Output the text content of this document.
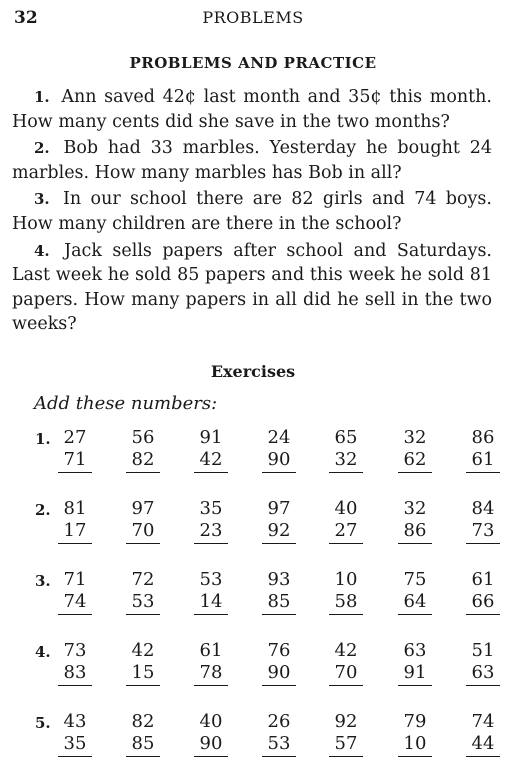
32	PROBLEMS
PROBLEMS AND PRACTICE

1. Ann saved 42¢ last month and 35¢ this month. How many cents did she save in the two months?

2. Bob had 33 marbles. Yesterday he bought 24 marbles. How many marbles has Bob in all?

3. In our school there are 82 girls and 74 boys. How many children are there in the school?

4. Jack sells papers after school and Saturdays. Last week he sold 85 papers and this week he sold 81 papers. How many papers in all did he sell in the two weeks?

Exercises
Add these numbers:
1. 27
71
56
82
91
42
24
90
65
32
32
62
86
61
2. 81
17
97
70
35
23
97
92
40
27
32
86
84
73
3. 71
74
72
53
53
14
93
85
10
58
75
64
61
66
4. 73
83
42
15
61
78
76
90
42
70
63
91
51
63
5. 43
35
82
85
40
90
26
53
92
57
79
10
74
44
